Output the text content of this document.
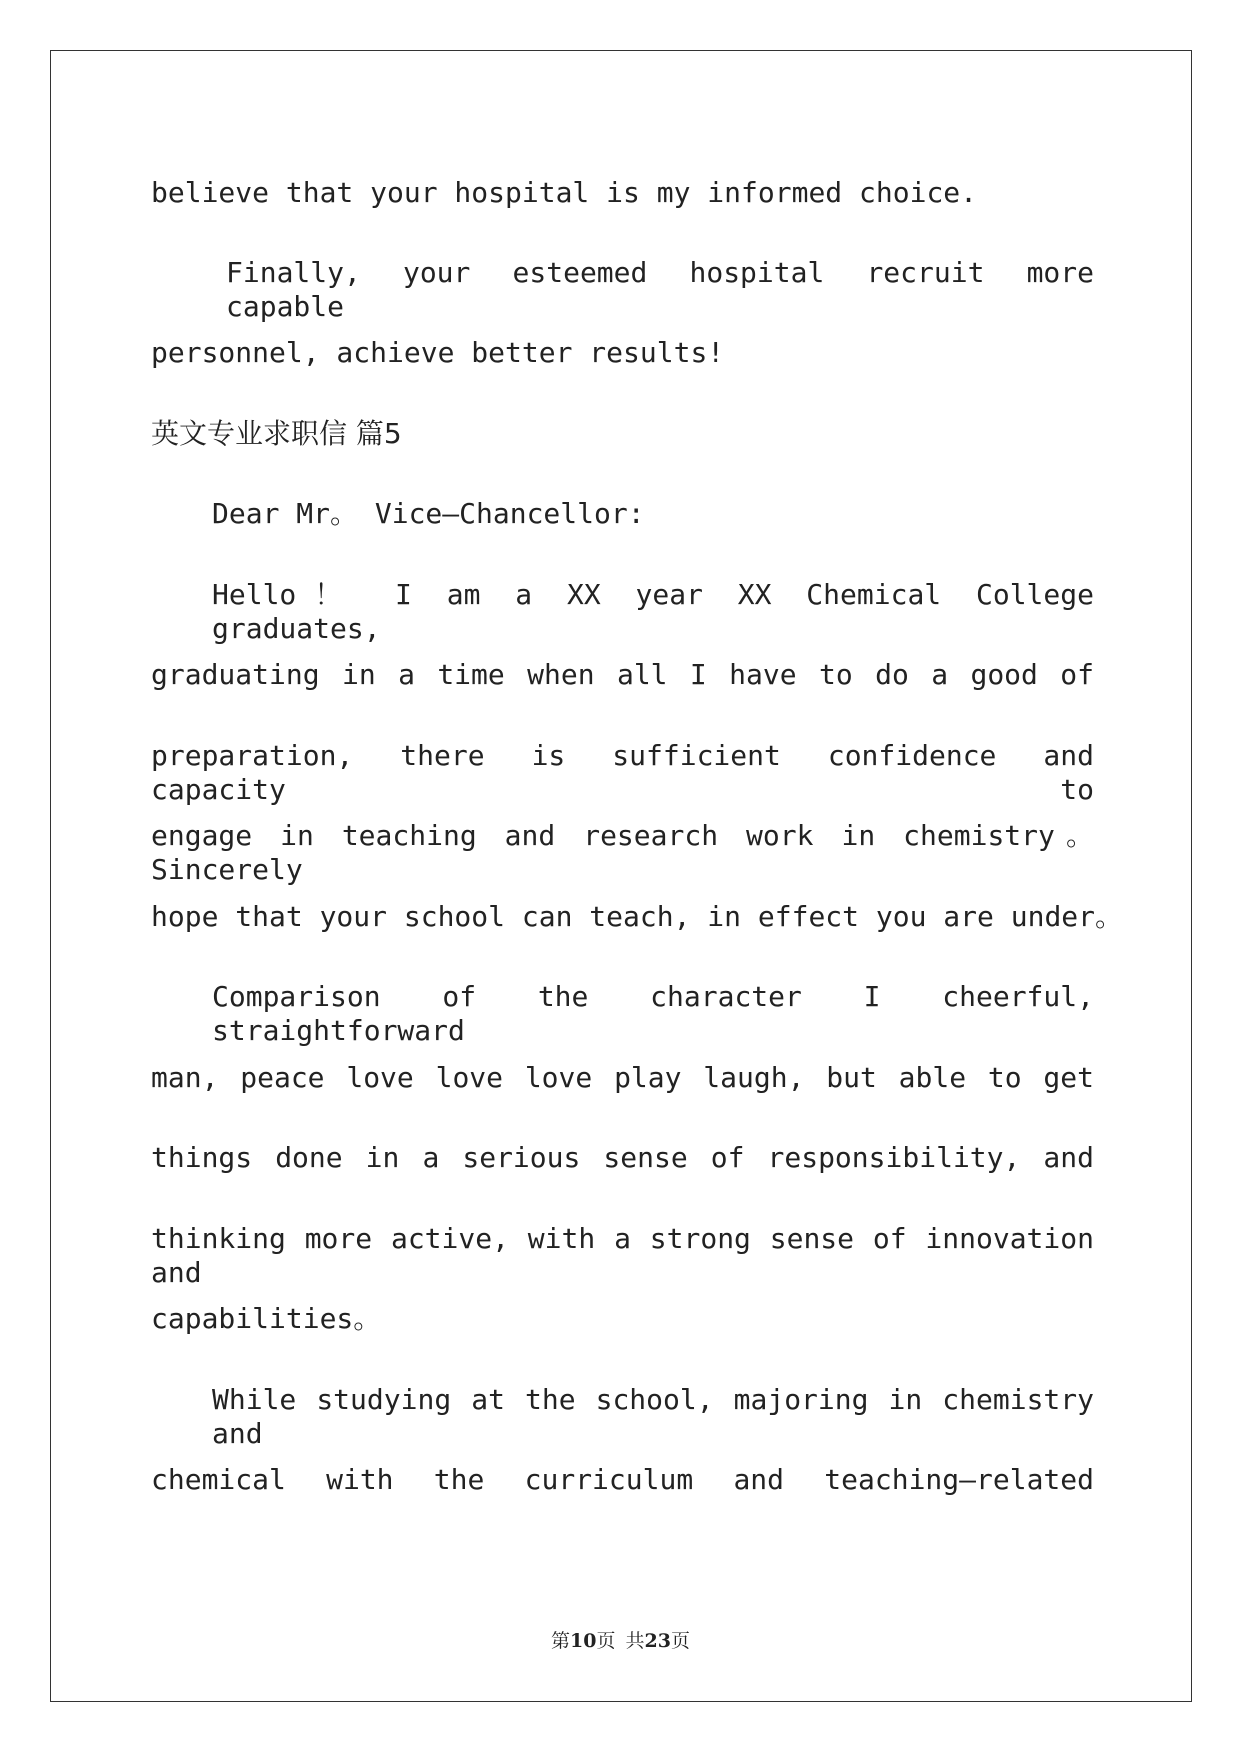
believe that your hospital is my informed choice.

Finally, your esteemed hospital recruit more capable

personnel, achieve better results!

英文专业求职信 篇5

Dear Mr。 Vice—Chancellor:

Hello！ I am a XX year XX Chemical College graduates,

graduating in a time when all I have to do a good of

preparation, there is sufficient confidence and capacity to

engage in teaching and research work in chemistry。Sincerely

hope that your school can teach, in effect you are under。

Comparison of the character I cheerful, straightforward

man, peace love love love play laugh, but able to get

things done in a serious sense of responsibility, and

thinking more active, with a strong sense of innovation and

capabilities。

While studying at the school, majoring in chemistry and

chemical with the curriculum and teaching—related

第10页 共23页
